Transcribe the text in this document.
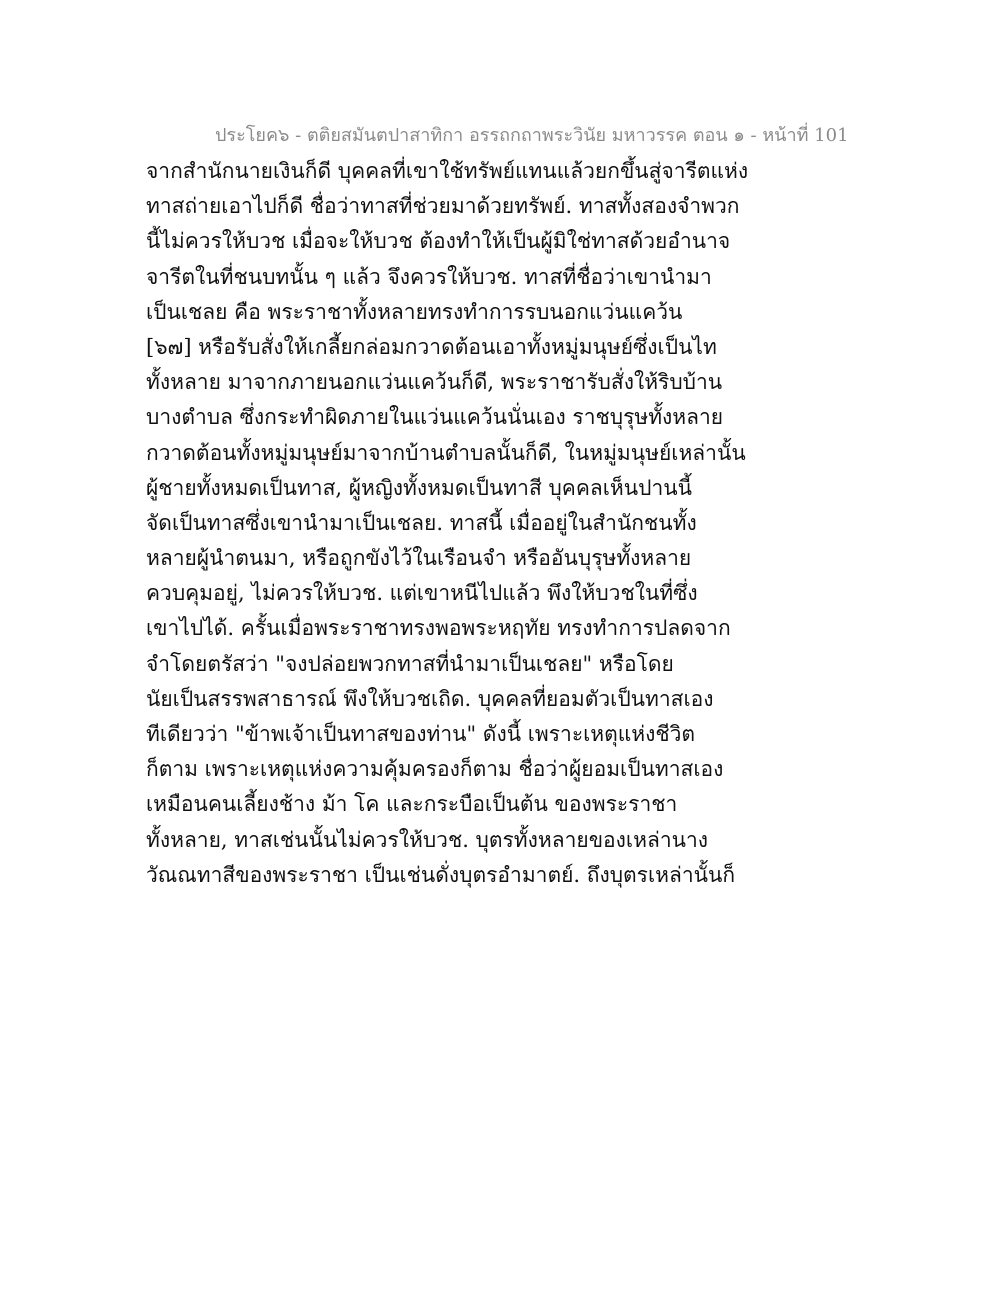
ประโยค๖ - ตติยสมันตปาสาทิกา อรรถกถาพระวินัย มหาวรรค ตอน ๑ - หน้าที่ 101
จากสำนักนายเงินก็ดี บุคคลที่เขาใช้ทรัพย์แทนแล้วยกขึ้นสู่จารีตแห่ง
ทาสถ่ายเอาไปก็ดี ชื่อว่าทาสที่ช่วยมาด้วยทรัพย์. ทาสทั้งสองจำพวก
นี้ไม่ควรให้บวช เมื่อจะให้บวช ต้องทำให้เป็นผู้มิใช่ทาสด้วยอำนาจ
จารีตในที่ชนบทนั้น ๆ แล้ว จึงควรให้บวช. ทาสที่ชื่อว่าเขานำมา
เป็นเชลย คือ พระราชาทั้งหลายทรงทำการรบนอกแว่นแคว้น
[๖๗] หรือรับสั่งให้เกลี้ยกล่อมกวาดต้อนเอาทั้งหมู่มนุษย์ซึ่งเป็นไท
ทั้งหลาย มาจากภายนอกแว่นแคว้นก็ดี, พระราชารับสั่งให้ริบบ้าน
บางตำบล ซึ่งกระทำผิดภายในแว่นแคว้นนั่นเอง ราชบุรุษทั้งหลาย
กวาดต้อนทั้งหมู่มนุษย์มาจากบ้านตำบลนั้นก็ดี, ในหมู่มนุษย์เหล่านั้น
ผู้ชายทั้งหมดเป็นทาส, ผู้หญิงทั้งหมดเป็นทาสี บุคคลเห็นปานนี้
จัดเป็นทาสซึ่งเขานำมาเป็นเชลย. ทาสนี้ เมื่ออยู่ในสำนักชนทั้ง
หลายผู้นำตนมา, หรือถูกขังไว้ในเรือนจำ หรืออันบุรุษทั้งหลาย
ควบคุมอยู่, ไม่ควรให้บวช. แต่เขาหนีไปแล้ว พึงให้บวชในที่ซึ่ง
เขาไปได้. ครั้นเมื่อพระราชาทรงพอพระหฤทัย ทรงทำการปลดจาก
จำโดยตรัสว่า "จงปล่อยพวกทาสที่นำมาเป็นเชลย" หรือโดย
นัยเป็นสรรพสาธารณ์ พึงให้บวชเถิด. บุคคลที่ยอมตัวเป็นทาสเอง
ทีเดียวว่า "ข้าพเจ้าเป็นทาสของท่าน" ดังนี้ เพราะเหตุแห่งชีวิต
ก็ตาม เพราะเหตุแห่งความคุ้มครองก็ตาม ชื่อว่าผู้ยอมเป็นทาสเอง
เหมือนคนเลี้ยงช้าง ม้า โค และกระบือเป็นต้น ของพระราชา
ทั้งหลาย, ทาสเช่นนั้นไม่ควรให้บวช. บุตรทั้งหลายของเหล่านาง
วัณณทาสีของพระราชา เป็นเช่นดั่งบุตรอำมาตย์. ถึงบุตรเหล่านั้นก็
